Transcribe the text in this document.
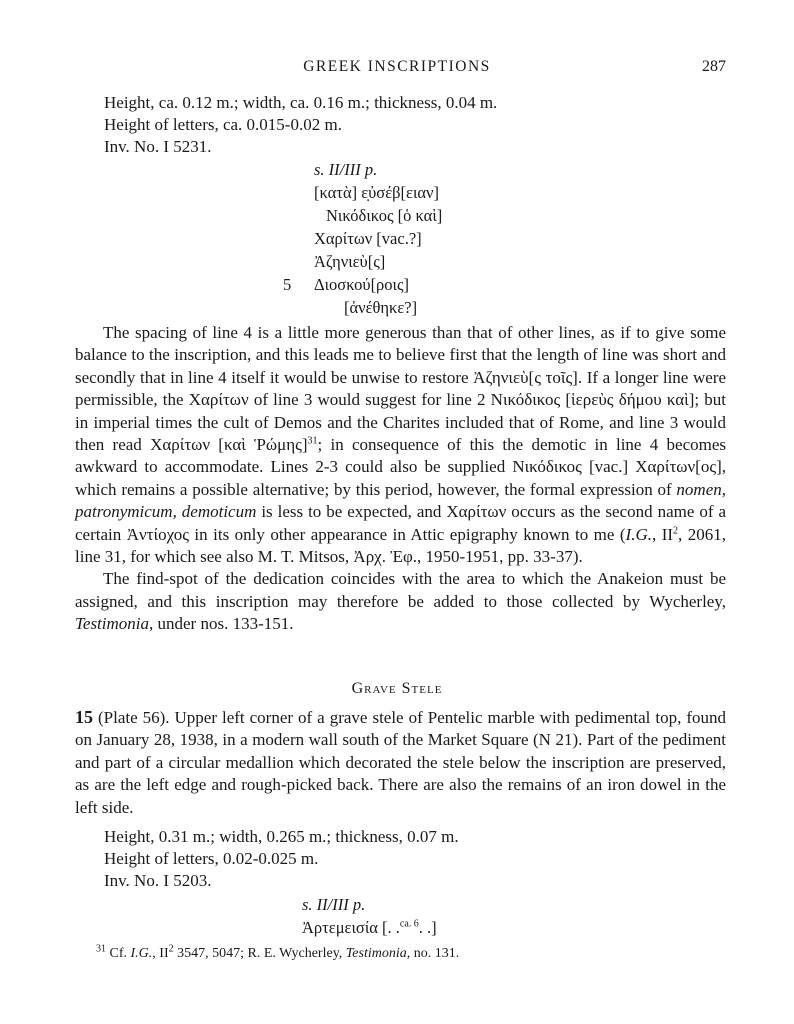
GREEK INSCRIPTIONS	287
Height, ca. 0.12 m.; width, ca. 0.16 m.; thickness, 0.04 m.
Height of letters, ca. 0.015-0.02 m.
Inv. No. I 5231.
s. II/III p.
[κατὰ] ε̣ὐσέβ[ειαν]
Νικόδικος [ὁ καὶ]
Χαρίτων [vac.?]
Ἀζηνιεὺ[ς]
5 Διοσκού[ροις]
[ἀνέθηκε?]

The spacing of line 4 is a little more generous than that of other lines, as if to give some balance to the inscription, and this leads me to believe first that the length of line was short and secondly that in line 4 itself it would be unwise to restore Ἀζηνιεὺ[ς τοῖς]. If a longer line were permissible, the Χαρίτων of line 3 would suggest for line 2 Νικόδικος [ἱερεὺς δήμου καὶ]; but in imperial times the cult of Demos and the Charites included that of Rome, and line 3 would then read Χαρίτων [καὶ Ῥώμης]$^{31}$; in consequence of this the demotic in line 4 becomes awkward to accommodate. Lines 2-3 could also be supplied Νικόδικος [vac.] Χαρίτων[ος], which remains a possible alternative; by this period, however, the formal expression of nomen, patronymicum, demoticum is less to be expected, and Χαρίτων occurs as the second name of a certain Ἀντίοχος in its only other appearance in Attic epigraphy known to me (I.G., $II^2$, 2061, line 31, for which see also M. T. Mitsos, Ἀρχ. Ἐφ., 1950-1951, pp. 33-37).

The find-spot of the dedication coincides with the area to which the Anakeion must be assigned, and this inscription may therefore be added to those collected by Wycherley, Testimonia, under nos. 133-151.

Grave Stele

15 (Plate 56). Upper left corner of a grave stele of Pentelic marble with pedimental top, found on January 28, 1938, in a modern wall south of the Market Square (N 21). Part of the pediment and part of a circular medallion which decorated the stele below the inscription are preserved, as are the left edge and rough-picked back. There are also the remains of an iron dowel in the left side.

Height, 0.31 m.; width, 0.265 m.; thickness, 0.07 m.
Height of letters, 0.02-0.025 m.
Inv. No. I 5203.
s. II/III p.
Ἀρτεμεισία [. .$^{ca. 6}$. .]
$^{31}$ Cf. I.G., $II^2$ 3547, 5047; R. E. Wycherley, Testimonia, no. 131.
